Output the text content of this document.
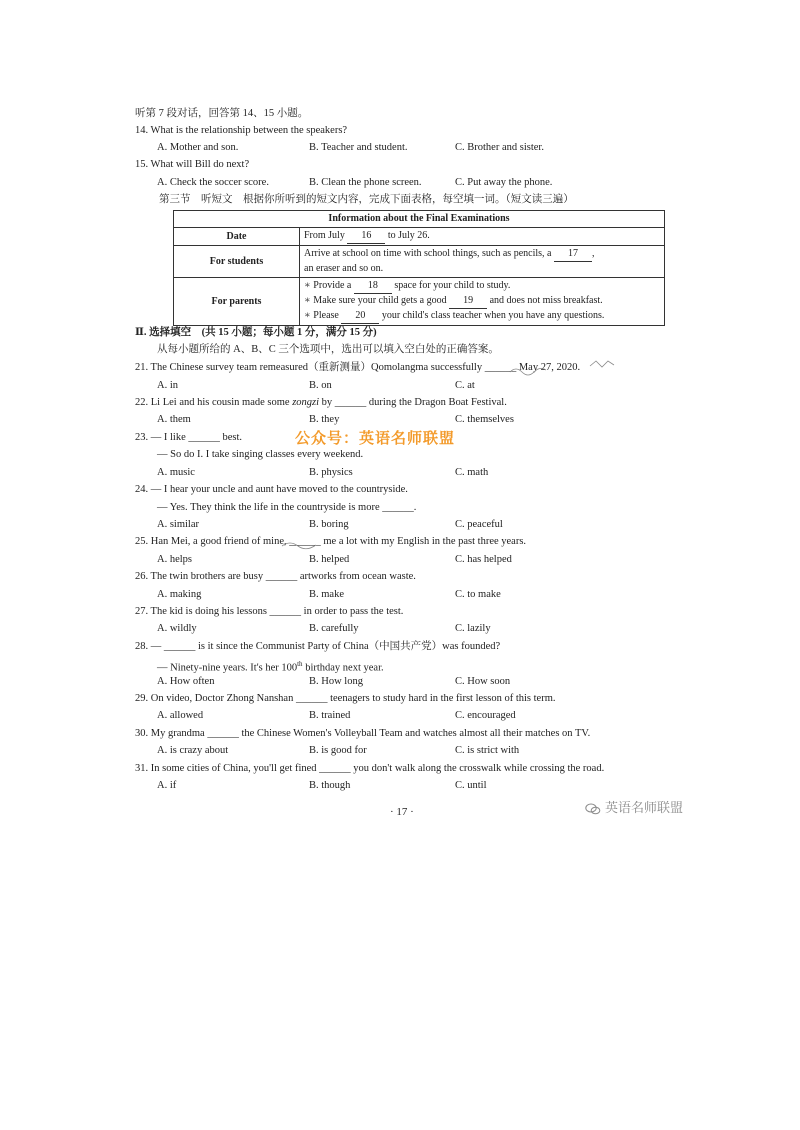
听第 7 段对话，回答第 14、15 小题。
14. What is the relationship between the speakers?
A. Mother and son.	B. Teacher and student.	C. Brother and sister.
15. What will Bill do next?
A. Check the soccer score.	B. Clean the phone screen.	C. Put away the phone.
第三节　听短文　根据你所听到的短文内容，完成下面表格，每空填一词。（短文读三遍）
Information about the Final Examinations	
Date	From July 16 to July 26.
For students	Arrive at school on time with school things, such as pencils, a 17 ,
an eraser and so on.
For parents	∗ Provide a 18 space for your child to study.
∗ Make sure your child gets a good 19 and does not miss breakfast.
∗ Please 20 your child's class teacher when you have any questions.
Ⅱ. 选择填空　(共 15 小题；每小题 1 分，满分 15 分)
从每小题所给的 A、B、C 三个选项中，选出可以填入空白处的正确答案。
21. The Chinese survey team remeasured（重新测量）Qomolangma successfully ______ May 27, 2020.
A. in	B. on	C. at
22. Li Lei and his cousin made some zongzi by ______ during the Dragon Boat Festival.
A. them	B. they	C. themselves
23. — I like ______ best.
— So do I. I take singing classes every weekend.
A. music	B. physics	C. math
24. — I hear your uncle and aunt have moved to the countryside.
— Yes. They think the life in the countryside is more ______.
A. similar	B. boring	C. peaceful
25. Han Mei, a good friend of mine, ______ me a lot with my English in the past three years.
A. helps	B. helped	C. has helped
26. The twin brothers are busy ______ artworks from ocean waste.
A. making	B. make	C. to make
27. The kid is doing his lessons ______ in order to pass the test.
A. wildly	B. carefully	C. lazily
28. — ______ is it since the Communist Party of China（中国共产党）was founded?
— Ninety-nine years. It's her 100th birthday next year.
A. How often	B. How long	C. How soon
29. On video, Doctor Zhong Nanshan ______ teenagers to study hard in the first lesson of this term.
A. allowed	B. trained	C. encouraged
30. My grandma ______ the Chinese Women's Volleyball Team and watches almost all their matches on TV.
A. is crazy about	B. is good for	C. is strict with
31. In some cities of China, you'll get fined ______ you don't walk along the crosswalk while crossing the road.
A. if	B. though	C. until
公众号：英语名师联盟
· 17 ·	英语名师联盟
